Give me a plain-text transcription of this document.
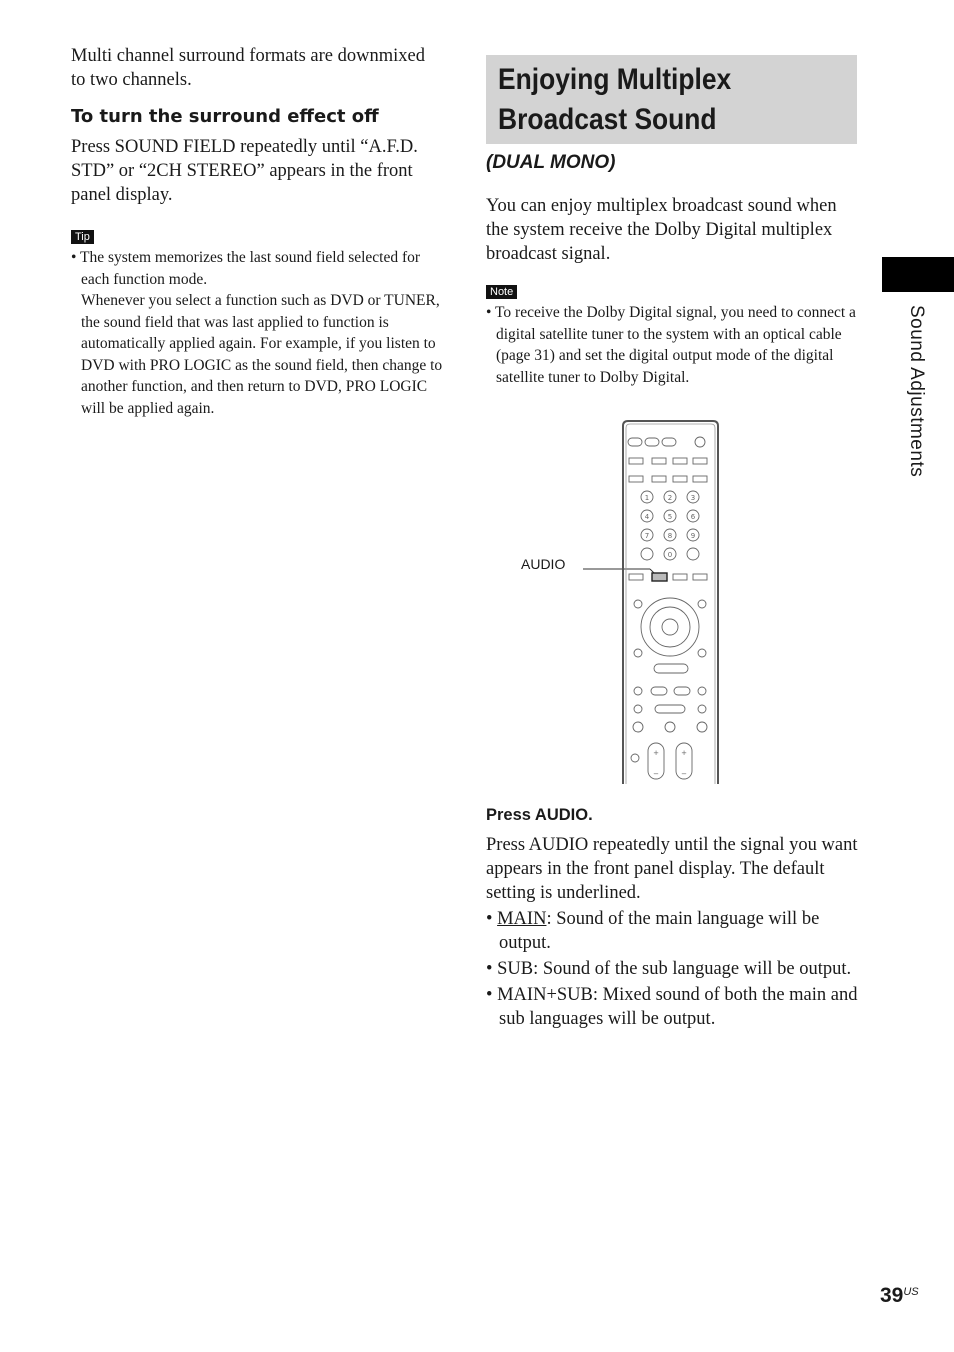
Multi channel surround formats are downmixed to two channels.

To turn the surround effect off

Press SOUND FIELD repeatedly until “A.F.D. STD” or “2CH STEREO” appears in the front panel display.

Tip

• The system memorizes the last sound field selected for each function mode.

Whenever you select a function such as DVD or TUNER, the sound field that was last applied to function is automatically applied again. For example, if you listen to DVD with PRO LOGIC as the sound field, then change to another function, and then return to DVD, PRO LOGIC will be applied again.

Enjoying Multiplex Broadcast Sound
(DUAL MONO)

You can enjoy multiplex broadcast sound when the system receive the Dolby Digital multiplex broadcast signal.

Note

• To receive the Dolby Digital signal, you need to connect a digital satellite tuner to the system with an optical cable (page 31) and set the digital output mode of the digital satellite tuner to Dolby Digital.

Press AUDIO.

Press AUDIO repeatedly until the signal you want appears in the front panel display. The default setting is underlined.

• MAIN: Sound of the main language will be output.

• SUB: Sound of the sub language will be output.

• MAIN+SUB: Mixed sound of both the main and sub languages will be output.

AUDIO
1	2	3
4	5	6
7	8	9
0
+	+
−	−
Sound Adjustments
$39^{US}$
